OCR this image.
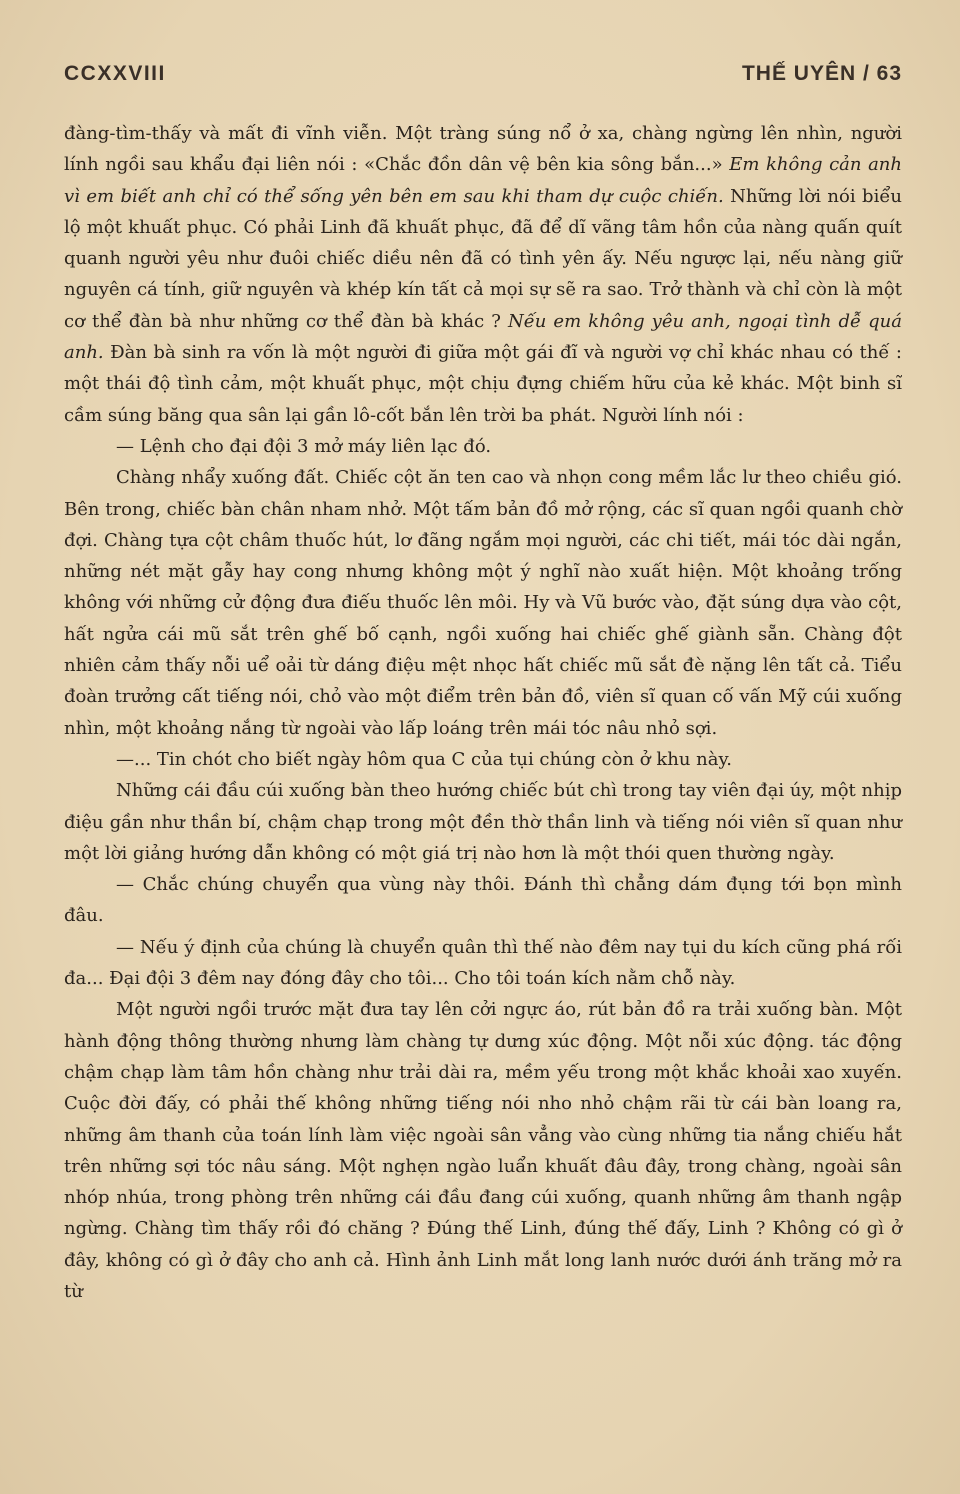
CCXXVIII	THẾ UYÊN / 63

đàng-tìm-thấy và mất đi vĩnh viễn. Một tràng súng nổ ở xa, chàng ngừng lên nhìn, người lính ngồi sau khẩu đại liên nói : «Chắc đồn dân vệ bên kia sông bắn...» Em không cản anh vì em biết anh chỉ có thể sống yên bên em sau khi tham dự cuộc chiến. Những lời nói biểu lộ một khuất phục. Có phải Linh đã khuất phục, đã để dĩ vãng tâm hồn của nàng quấn quít quanh người yêu như đuôi chiếc diều nên đã có tình yên ấy. Nếu ngược lại, nếu nàng giữ nguyên cá tính, giữ nguyên và khép kín tất cả mọi sự sẽ ra sao. Trở thành và chỉ còn là một cơ thể đàn bà như những cơ thể đàn bà khác ? Nếu em không yêu anh, ngoại tình dễ quá anh. Đàn bà sinh ra vốn là một người đi giữa một gái đĩ và người vợ chỉ khác nhau có thế : một thái độ tình cảm, một khuất phục, một chịu đựng chiếm hữu của kẻ khác. Một binh sĩ cầm súng băng qua sân lại gần lô-cốt bắn lên trời ba phát. Người lính nói :

— Lệnh cho đại đội 3 mở máy liên lạc đó.

Chàng nhẩy xuống đất. Chiếc cột ăn ten cao và nhọn cong mềm lắc lư theo chiều gió. Bên trong, chiếc bàn chân nham nhở. Một tấm bản đồ mở rộng, các sĩ quan ngồi quanh chờ đợi. Chàng tựa cột châm thuốc hút, lơ đãng ngắm mọi người, các chi tiết, mái tóc dài ngắn, những nét mặt gẫy hay cong nhưng không một ý nghĩ nào xuất hiện. Một khoảng trống không với những cử động đưa điếu thuốc lên môi. Hy và Vũ bước vào, đặt súng dựa vào cột, hất ngửa cái mũ sắt trên ghế bố cạnh, ngồi xuống hai chiếc ghế giành sẵn. Chàng đột nhiên cảm thấy nỗi uể oải từ dáng điệu mệt nhọc hất chiếc mũ sắt đè nặng lên tất cả. Tiểu đoàn trưởng cất tiếng nói, chỏ vào một điểm trên bản đồ, viên sĩ quan cố vấn Mỹ cúi xuống nhìn, một khoảng nắng từ ngoài vào lấp loáng trên mái tóc nâu nhỏ sợi.

—... Tin chót cho biết ngày hôm qua C của tụi chúng còn ở khu này.

Những cái đầu cúi xuống bàn theo hướng chiếc bút chì trong tay viên đại úy, một nhịp điệu gần như thần bí, chậm chạp trong một đền thờ thần linh và tiếng nói viên sĩ quan như một lời giảng hướng dẫn không có một giá trị nào hơn là một thói quen thường ngày.

— Chắc chúng chuyển qua vùng này thôi. Đánh thì chẳng dám đụng tới bọn mình đâu.

— Nếu ý định của chúng là chuyển quân thì thế nào đêm nay tụi du kích cũng phá rối đa... Đại đội 3 đêm nay đóng đây cho tôi... Cho tôi toán kích nằm chỗ này.

Một người ngồi trước mặt đưa tay lên cởi ngực áo, rút bản đồ ra trải xuống bàn. Một hành động thông thường nhưng làm chàng tự dưng xúc động. Một nỗi xúc động. tác động chậm chạp làm tâm hồn chàng như trải dài ra, mềm yếu trong một khắc khoải xao xuyến. Cuộc đời đấy, có phải thế không những tiếng nói nho nhỏ chậm rãi từ cái bàn loang ra, những âm thanh của toán lính làm việc ngoài sân vẳng vào cùng những tia nắng chiếu hắt trên những sợi tóc nâu sáng. Một nghẹn ngào luẩn khuất đâu đây, trong chàng, ngoài sân nhóp nhúa, trong phòng trên những cái đầu đang cúi xuống, quanh những âm thanh ngập ngừng. Chàng tìm thấy rồi đó chăng ? Đúng thế Linh, đúng thế đấy, Linh ? Không có gì ở đây, không có gì ở đây cho anh cả. Hình ảnh Linh mắt long lanh nước dưới ánh trăng mở ra từ
